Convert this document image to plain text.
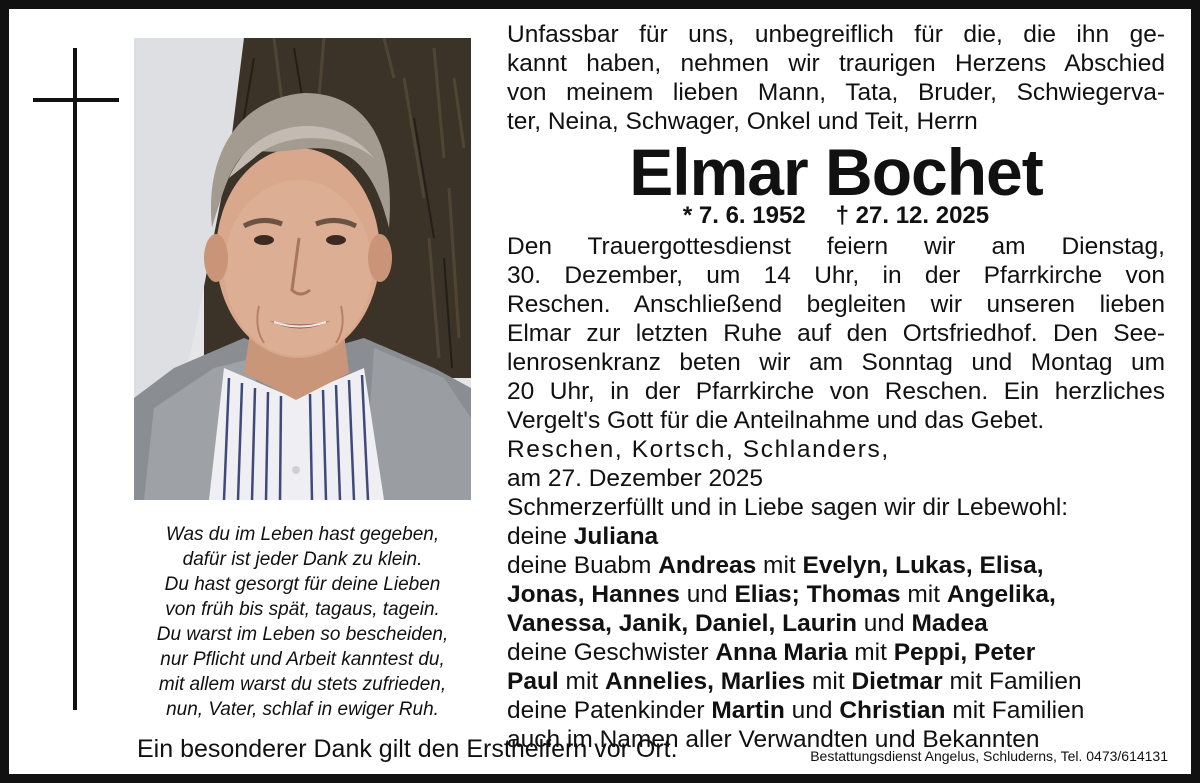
Was du im Leben hast gegeben,
dafür ist jeder Dank zu klein.
Du hast gesorgt für deine Lieben
von früh bis spät, tagaus, tagein.
Du warst im Leben so bescheiden,
nur Pflicht und Arbeit kanntest du,
mit allem warst du stets zufrieden,
nun, Vater, schlaf in ewiger Ruh.
Unfassbar für uns, unbegreiflich für die, die ihn ge-
kannt haben, nehmen wir traurigen Herzens Abschied
von meinem lieben Mann, Tata, Bruder, Schwiegerva-
ter, Neina, Schwager, Onkel und Teit, Herrn
Elmar Bochet
* 7. 6. 1952 † 27. 12. 2025
Den Trauergottesdienst feiern wir am Dienstag,
30. Dezember, um 14 Uhr, in der Pfarrkirche von
Reschen. Anschließend begleiten wir unseren lieben
Elmar zur letzten Ruhe auf den Ortsfriedhof. Den See-
lenrosenkranz beten wir am Sonntag und Montag um
20 Uhr, in der Pfarrkirche von Reschen. Ein herzliches
Vergelt's Gott für die Anteilnahme und das Gebet.
Reschen, Kortsch, Schlanders,
am 27. Dezember 2025
Schmerzerfüllt und in Liebe sagen wir dir Lebewohl:
deine Juliana
deine Buabm Andreas mit Evelyn, Lukas, Elisa,
Jonas, Hannes und Elias; Thomas mit Angelika,
Vanessa, Janik, Daniel, Laurin und Madea
deine Geschwister Anna Maria mit Peppi, Peter
Paul mit Annelies, Marlies mit Dietmar mit Familien
deine Patenkinder Martin und Christian mit Familien
auch im Namen aller Verwandten und Bekannten
Ein besonderer Dank gilt den Ersthelfern vor Ort.	Bestattungsdienst Angelus, Schluderns, Tel. 0473/614131
